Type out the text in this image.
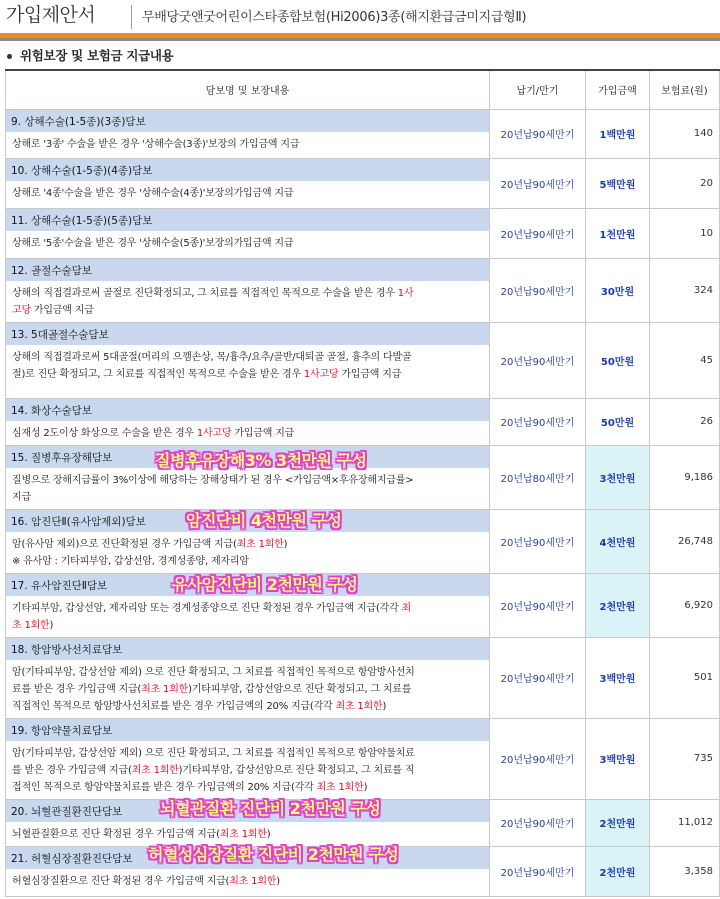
가입제안서	무배당굿앤굿어린이스타종합보험(Hi2006)3종(해지환급금미지급형Ⅱ)
위험보장 및 보험금 지급내용
담보명 및 보장내용	납기/만기	가입금액	보험료(원)

9. 상해수술(1-5종)(3종)담보
상해로 '3종' 수술을 받은 경우 '상해수술(3종)'보장의 가입금액 지급	20년납90세만기	1백만원	140

10. 상해수술(1-5종)(4종)담보
상해로 '4종'수술을 받은 경우 '상해수술(4종)'보장의가입금액 지급	20년납90세만기	5백만원	20

11. 상해수술(1-5종)(5종)담보
상해로 '5종'수술을 받은 경우 '상해수술(5종)'보장의가입금액 지급	20년납90세만기	1천만원	10

12. 골절수술담보
상해의 직접결과로써 골절로 진단확정되고, 그 치료를 직접적인 목적으로 수술을 받은 경우 1사
고당 가입금액 지급	20년납90세만기	30만원	324

13. 5대골절수술담보
상해의 직접결과로써 5대골절(머리의 으깸손상, 목/흉추/요추/골반/대퇴골 골절, 흉추의 다발골
절)로 진단 확정되고, 그 치료를 직접적인 목적으로 수술을 받은 경우 1사고당 가입금액 지급	20년납90세만기	50만원	45

14. 화상수술담보
심재성 2도이상 화상으로 수술을 받은 경우 1사고당 가입금액 지급	20년납90세만기	50만원	26

15. 질병후유장해담보
질병으로 장해지급률이 3%이상에 해당하는 장해상태가 된 경우 <가입금액×후유장해지급률>
지급	20년납80세만기	3천만원	9,186

16. 암진단Ⅱ(유사암제외)담보
암(유사암 제외)으로 진단확정된 경우 가입금액 지급(최초 1회한)
※ 유사암 : 기타피부암, 갑상선암, 경계성종양, 제자리암	20년납90세만기	4천만원	26,748

17. 유사암진단Ⅱ담보
기타피부암, 갑상선암, 제자리암 또는 경계성종양으로 진단 확정된 경우 가입금액 지급(각각 최
초 1회한)	20년납90세만기	2천만원	6,920

18. 항암방사선치료담보
암(기타피부암, 갑상선암 제외) 으로 진단 확정되고, 그 치료를 직접적인 목적으로 항암방사선치
료를 받은 경우 가입금액 지급(최초 1회한)기타피부암, 갑상선암으로 진단 확정되고, 그 치료를
직접적인 목적으로 항암방사선치료를 받은 경우 가입금액의 20% 지급(각각 최초 1회한)	20년납90세만기	3백만원	501

19. 항암약물치료담보
암(기타피부암, 갑상선암 제외) 으로 진단 확정되고, 그 치료를 직접적인 목적으로 항암약물치료
를 받은 경우 가입금액 지급(최초 1회한)기타피부암, 갑상선암으로 진단 확정되고, 그 치료를 직
접적인 목적으로 항암약물치료를 받은 경우 가입금액의 20% 지급(각각 최초 1회한)	20년납90세만기	3백만원	735

20. 뇌혈관질환진단담보
뇌혈관질환으로 진단 확정된 경우 가입금액 지급(최초 1회한)	20년납90세만기	2천만원	11,012

21. 허혈심장질환진단담보
허혈심장질환으로 진단 확정된 경우 가입금액 지급(최초 1회한)	20년납90세만기	2천만원	3,358
질병후유장해3% 3천만원 구성
암진단비 4천만원 구성
유사암진단비 2천만원 구성
뇌혈관질환 진단비 2천만원 구성
허혈성심장질환 진단비 2천만원 구성
